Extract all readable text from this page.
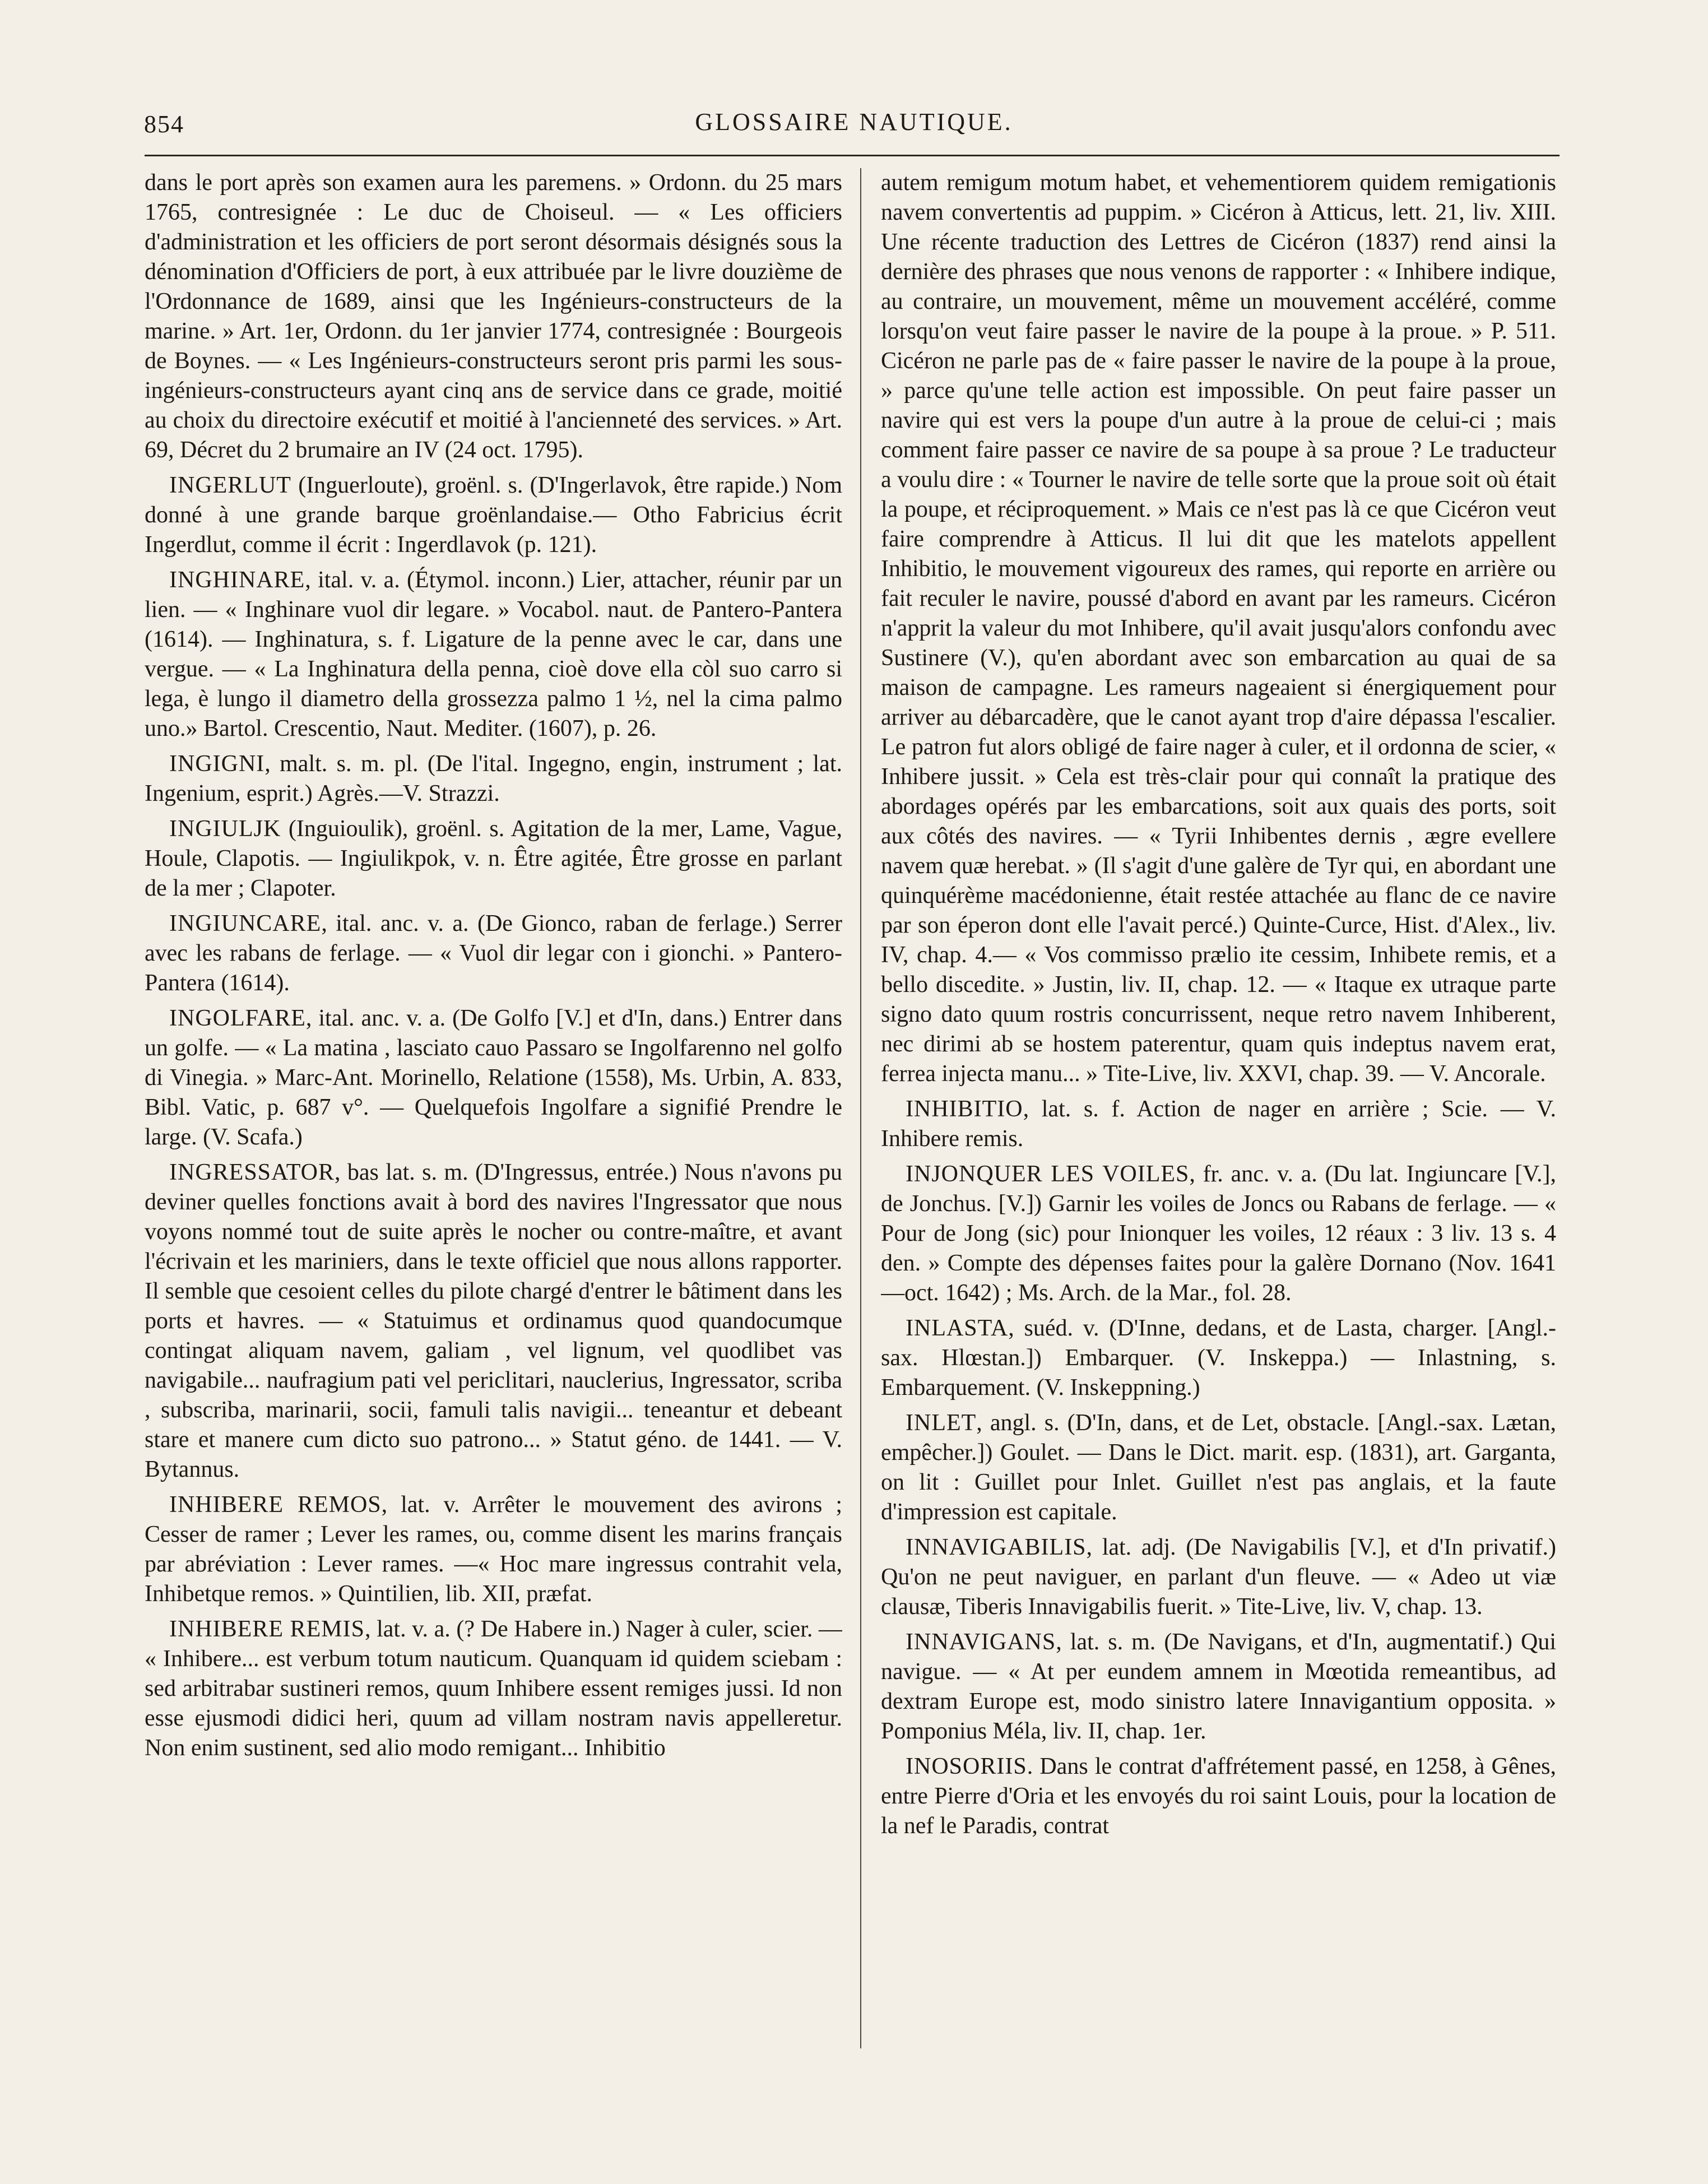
854	GLOSSAIRE NAUTIQUE.

dans le port après son examen aura les paremens. » Ordonn. du 25 mars 1765, contresignée : Le duc de Choiseul. — « Les officiers d'administration et les officiers de port seront désormais désignés sous la dénomination d'Officiers de port, à eux attribuée par le livre douzième de l'Ordonnance de 1689, ainsi que les Ingénieurs-constructeurs de la marine. » Art. 1er, Ordonn. du 1er janvier 1774, contresignée : Bourgeois de Boynes. — « Les Ingénieurs-constructeurs seront pris parmi les sous-ingénieurs-constructeurs ayant cinq ans de service dans ce grade, moitié au choix du directoire exécutif et moitié à l'ancienneté des services. » Art. 69, Décret du 2 brumaire an IV (24 oct. 1795).

INGERLUT (Inguerloute), groënl. s. (D'Ingerlavok, être rapide.) Nom donné à une grande barque groënlandaise.— Otho Fabricius écrit Ingerdlut, comme il écrit : Ingerdlavok (p. 121).

INGHINARE, ital. v. a. (Étymol. inconn.) Lier, attacher, réunir par un lien. — « Inghinare vuol dir legare. » Vocabol. naut. de Pantero-Pantera (1614). — Inghinatura, s. f. Ligature de la penne avec le car, dans une vergue. — « La Inghinatura della penna, cioè dove ella còl suo carro si lega, è lungo il diametro della grossezza palmo 1 ½, nel la cima palmo uno.» Bartol. Crescentio, Naut. Mediter. (1607), p. 26.

INGIGNI, malt. s. m. pl. (De l'ital. Ingegno, engin, instrument ; lat. Ingenium, esprit.) Agrès.—V. Strazzi.

INGIULJK (Inguioulik), groënl. s. Agitation de la mer, Lame, Vague, Houle, Clapotis. — Ingiulikpok, v. n. Être agitée, Être grosse en parlant de la mer ; Clapoter.

INGIUNCARE, ital. anc. v. a. (De Gionco, raban de ferlage.) Serrer avec les rabans de ferlage. — « Vuol dir legar con i gionchi. » Pantero-Pantera (1614).

INGOLFARE, ital. anc. v. a. (De Golfo [V.] et d'In, dans.) Entrer dans un golfe. — « La matina , lasciato cauo Passaro se Ingolfarenno nel golfo di Vinegia. » Marc-Ant. Morinello, Relatione (1558), Ms. Urbin, A. 833, Bibl. Vatic, p. 687 v°. — Quelquefois Ingolfare a signifié Prendre le large. (V. Scafa.)

INGRESSATOR, bas lat. s. m. (D'Ingressus, entrée.) Nous n'avons pu deviner quelles fonctions avait à bord des navires l'Ingressator que nous voyons nommé tout de suite après le nocher ou contre-maître, et avant l'écrivain et les mariniers, dans le texte officiel que nous allons rapporter. Il semble que cesoient celles du pilote chargé d'entrer le bâtiment dans les ports et havres. — « Statuimus et ordinamus quod quandocumque contingat aliquam navem, galiam , vel lignum, vel quodlibet vas navigabile... naufragium pati vel periclitari, nauclerius, Ingressator, scriba , subscriba, marinarii, socii, famuli talis navigii... teneantur et debeant stare et manere cum dicto suo patrono... » Statut géno. de 1441. — V. Bytannus.

INHIBERE REMOS, lat. v. Arrêter le mouvement des avirons ; Cesser de ramer ; Lever les rames, ou, comme disent les marins français par abréviation : Lever rames. —« Hoc mare ingressus contrahit vela, Inhibetque remos. » Quintilien, lib. XII, præfat.

INHIBERE REMIS, lat. v. a. (? De Habere in.) Nager à culer, scier. — « Inhibere... est verbum totum nauticum. Quanquam id quidem sciebam : sed arbitrabar sustineri remos, quum Inhibere essent remiges jussi. Id non esse ejusmodi didici heri, quum ad villam nostram navis appelleretur. Non enim sustinent, sed alio modo remigant... Inhibitio

autem remigum motum habet, et vehementiorem quidem remigationis navem convertentis ad puppim. » Cicéron à Atticus, lett. 21, liv. XIII. Une récente traduction des Lettres de Cicéron (1837) rend ainsi la dernière des phrases que nous venons de rapporter : « Inhibere indique, au contraire, un mouvement, même un mouvement accéléré, comme lorsqu'on veut faire passer le navire de la poupe à la proue. » P. 511. Cicéron ne parle pas de « faire passer le navire de la poupe à la proue, » parce qu'une telle action est impossible. On peut faire passer un navire qui est vers la poupe d'un autre à la proue de celui-ci ; mais comment faire passer ce navire de sa poupe à sa proue ? Le traducteur a voulu dire : « Tourner le navire de telle sorte que la proue soit où était la poupe, et réciproquement. » Mais ce n'est pas là ce que Cicéron veut faire comprendre à Atticus. Il lui dit que les matelots appellent Inhibitio, le mouvement vigoureux des rames, qui reporte en arrière ou fait reculer le navire, poussé d'abord en avant par les rameurs. Cicéron n'apprit la valeur du mot Inhibere, qu'il avait jusqu'alors confondu avec Sustinere (V.), qu'en abordant avec son embarcation au quai de sa maison de campagne. Les rameurs nageaient si énergiquement pour arriver au débarcadère, que le canot ayant trop d'aire dépassa l'escalier. Le patron fut alors obligé de faire nager à culer, et il ordonna de scier, « Inhibere jussit. » Cela est très-clair pour qui connaît la pratique des abordages opérés par les embarcations, soit aux quais des ports, soit aux côtés des navires. — « Tyrii Inhibentes dernis , ægre evellere navem quæ herebat. » (Il s'agit d'une galère de Tyr qui, en abordant une quinquérème macédonienne, était restée attachée au flanc de ce navire par son éperon dont elle l'avait percé.) Quinte-Curce, Hist. d'Alex., liv. IV, chap. 4.— « Vos commisso prælio ite cessim, Inhibete remis, et a bello discedite. » Justin, liv. II, chap. 12. — « Itaque ex utraque parte signo dato quum rostris concurrissent, neque retro navem Inhiberent, nec dirimi ab se hostem paterentur, quam quis indeptus navem erat, ferrea injecta manu... » Tite-Live, liv. XXVI, chap. 39. — V. Ancorale.

INHIBITIO, lat. s. f. Action de nager en arrière ; Scie. — V. Inhibere remis.

INJONQUER LES VOILES, fr. anc. v. a. (Du lat. Ingiuncare [V.], de Jonchus. [V.]) Garnir les voiles de Joncs ou Rabans de ferlage. — « Pour de Jong (sic) pour Inionquer les voiles, 12 réaux : 3 liv. 13 s. 4 den. » Compte des dépenses faites pour la galère Dornano (Nov. 1641—oct. 1642) ; Ms. Arch. de la Mar., fol. 28.

INLASTA, suéd. v. (D'Inne, dedans, et de Lasta, charger. [Angl.-sax. Hlœstan.]) Embarquer. (V. Inskeppa.) — Inlastning, s. Embarquement. (V. Inskeppning.)

INLET, angl. s. (D'In, dans, et de Let, obstacle. [Angl.-sax. Lætan, empêcher.]) Goulet. — Dans le Dict. marit. esp. (1831), art. Garganta, on lit : Guillet pour Inlet. Guillet n'est pas anglais, et la faute d'impression est capitale.

INNAVIGABILIS, lat. adj. (De Navigabilis [V.], et d'In privatif.) Qu'on ne peut naviguer, en parlant d'un fleuve. — « Adeo ut viæ clausæ, Tiberis Innavigabilis fuerit. » Tite-Live, liv. V, chap. 13.

INNAVIGANS, lat. s. m. (De Navigans, et d'In, augmentatif.) Qui navigue. — « At per eundem amnem in Mœotida remeantibus, ad dextram Europe est, modo sinistro latere Innavigantium opposita. » Pomponius Méla, liv. II, chap. 1er.

INOSORIIS. Dans le contrat d'affrétement passé, en 1258, à Gênes, entre Pierre d'Oria et les envoyés du roi saint Louis, pour la location de la nef le Paradis, contrat
